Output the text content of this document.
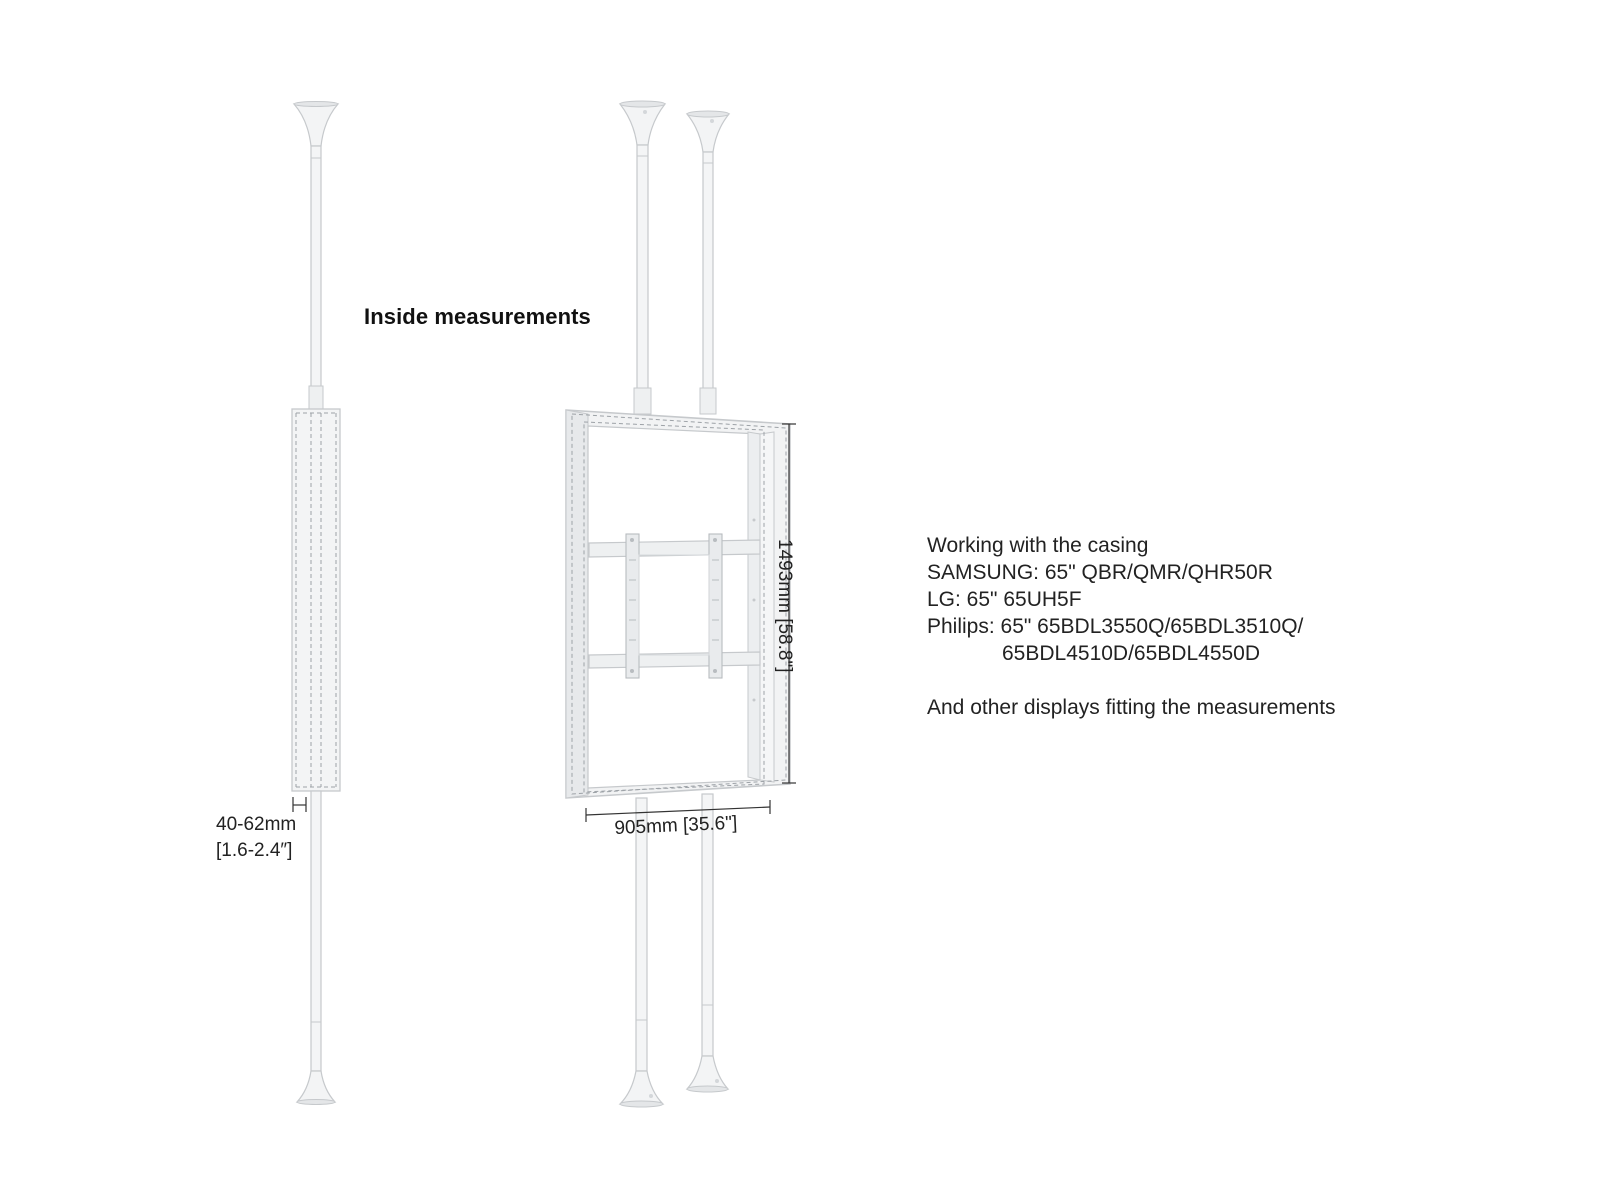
Inside measurements
40-62mm
[1.6-2.4″]
905mm [35.6"]
1493mm [58.8"]	Working with the casing
SAMSUNG: 65" QBR/QMR/QHR50R
LG: 65" 65UH5F
Philips: 65" 65BDL3550Q/65BDL3510Q/
65BDL4510D/65BDL4550D
And other displays fitting the measurements
